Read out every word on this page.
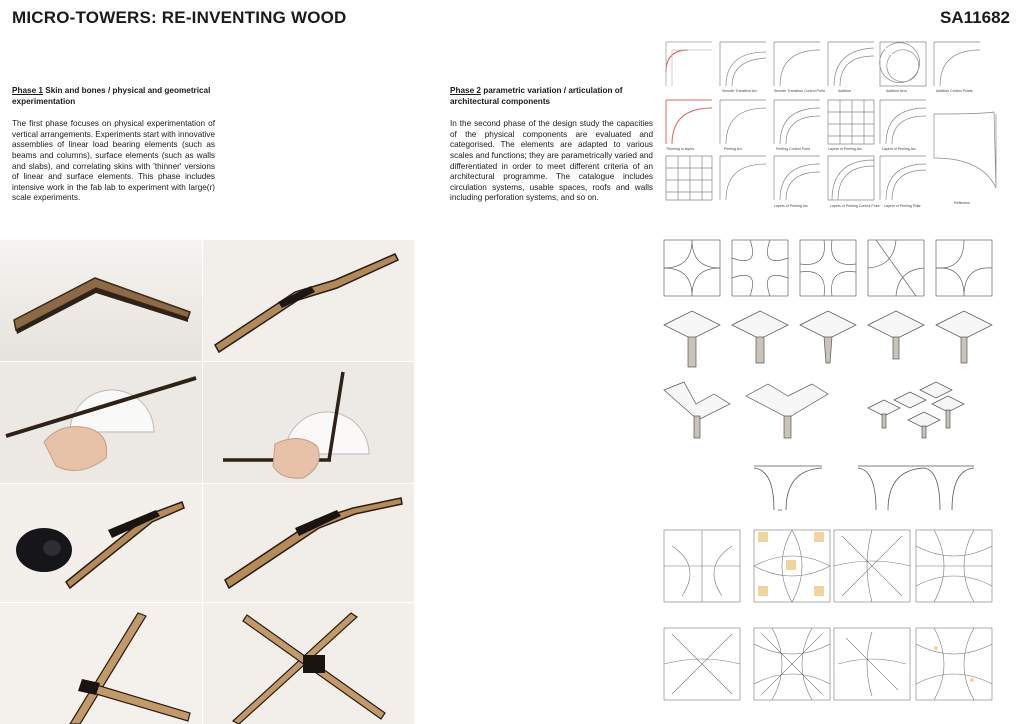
MICRO-TOWERS: RE-INVENTING WOOD	SA11682
Phase 1 Skin and bones / physical and geometrical experimentation
The first phase focuses on physical experimentation of vertical arrangements. Experiments start with innovative assemblies of linear load bearing elements (such as beams and columns), surface elements (such as walls and slabs), and correlating skins with 'thinner' versions of linear and surface elements. This phase includes intensive work in the fab lab to experiment with large(r) scale experiments.
Phase 2 parametric variation / articulation of architectural components
In the second phase of the design study the capacities of the physical components are evaluated and categorised. The elements are adapted to various scales and functions; they are parametrically varied and differentiated in order to meet different criteria of an architectural programme. The catalogue includes circulation systems, usable spaces, roofs and walls including perforation systems, and so on.
Smooth Transition Arc	Smooth Transition Control Point	Addition	Addition Arcs	Addition Control Points
Thinning in layers	Peeling Arc	Peeling Control Point	Layers of Peeling Arc	Layers of Peeling Arc
Layers of Peeling Arc	Layers of Peeling Control Point Layers of Peeling Pillar
Reflection
